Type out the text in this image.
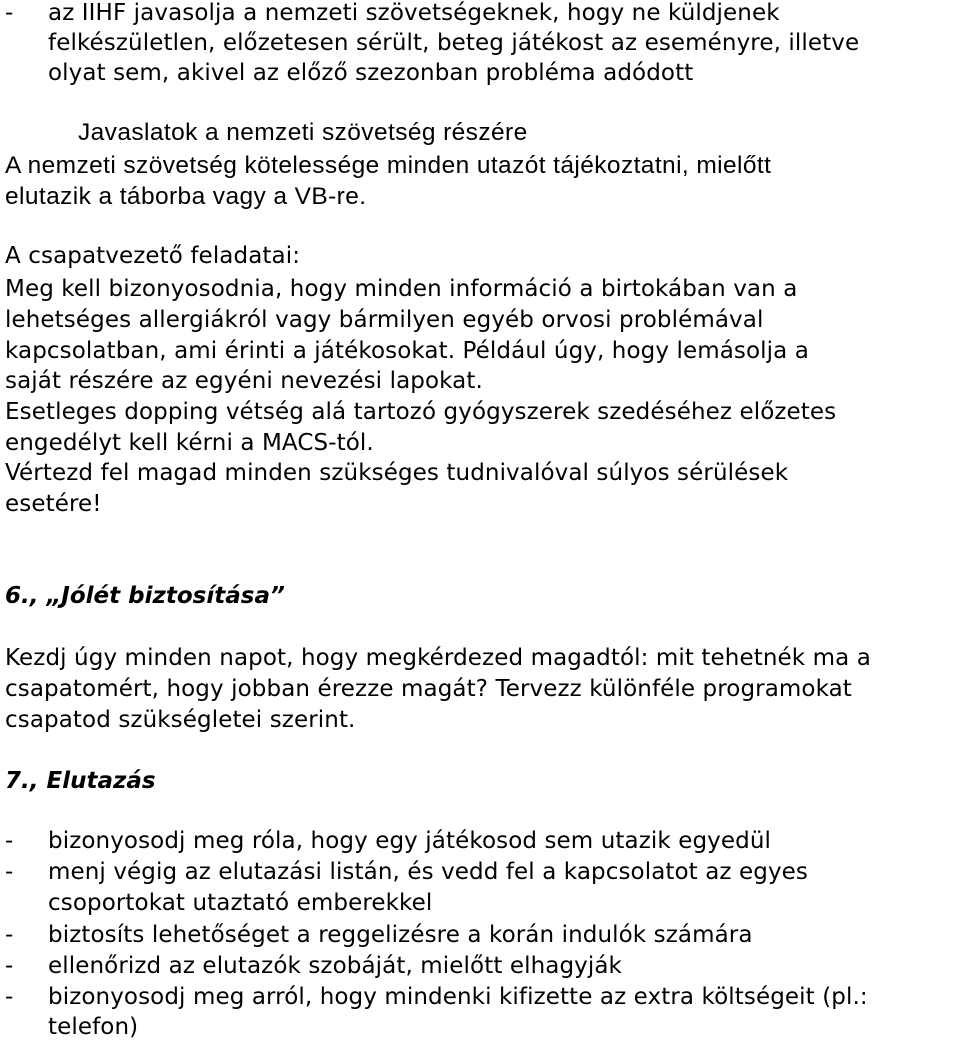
- az IIHF javasolja a nemzeti szövetségeknek, hogy ne küldjenek
felkészületlen, előzetesen sérült, beteg játékost az eseményre, illetve
olyat sem, akivel az előző szezonban probléma adódott
Javaslatok a nemzeti szövetség részére
A nemzeti szövetség kötelessége minden utazót tájékoztatni, mielőtt
elutazik a táborba vagy a VB-re.
A csapatvezető feladatai:
Meg kell bizonyosodnia, hogy minden információ a birtokában van a
lehetséges allergiákról vagy bármilyen egyéb orvosi problémával
kapcsolatban, ami érinti a játékosokat. Például úgy, hogy lemásolja a
saját részére az egyéni nevezési lapokat.
Esetleges dopping vétség alá tartozó gyógyszerek szedéséhez előzetes
engedélyt kell kérni a MACS-tól.
Vértezd fel magad minden szükséges tudnivalóval súlyos sérülések
esetére!
6., „Jólét biztosítása”
Kezdj úgy minden napot, hogy megkérdezed magadtól: mit tehetnék ma a
csapatomért, hogy jobban érezze magát? Tervezz különféle programokat
csapatod szükségletei szerint.
7., Elutazás
- bizonyosodj meg róla, hogy egy játékosod sem utazik egyedül
- menj végig az elutazási listán, és vedd fel a kapcsolatot az egyes
csoportokat utaztató emberekkel
- biztosíts lehetőséget a reggelizésre a korán indulók számára
- ellenőrizd az elutazók szobáját, mielőtt elhagyják
- bizonyosodj meg arról, hogy mindenki kifizette az extra költségeit (pl.:
telefon)
